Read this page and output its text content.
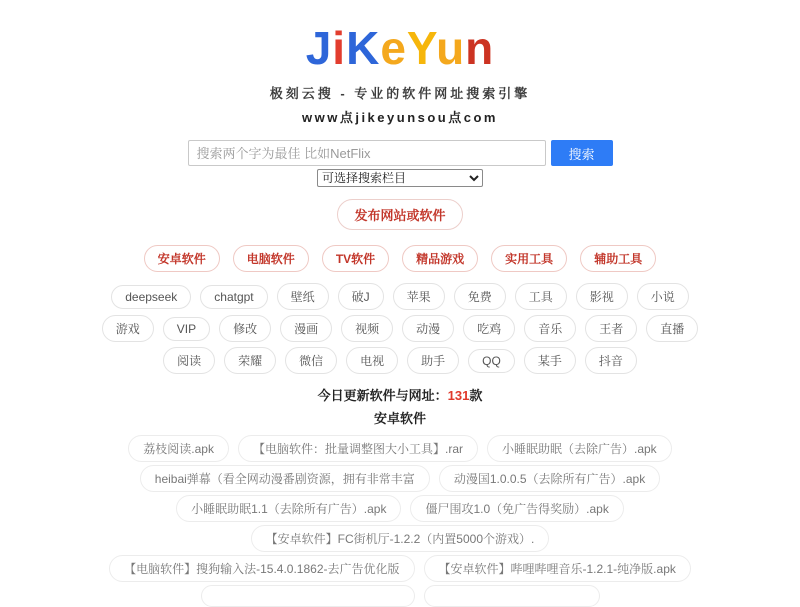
JiKeYun
极刻云搜 - 专业的软件网址搜索引擎
www点jikeyunsou点com
搜索两个字为最佳 比如NetFlix
搜索
可选择搜索栏目
发布网站或软件
安卓软件	电脑软件	TV软件	精品游戏	实用工具	辅助工具
deepseek	chatgpt	壁纸	破J	苹果	免费	工具	影视	小说
游戏	VIP	修改	漫画	视频	动漫	吃鸡	音乐	王者	直播
阅读	荣耀	微信	电视	助手	QQ	某手	抖音
今日更新软件与网址：131款
安卓软件
荔枝阅读.apk	【电脑软件：批量调整图大小工具】.rar	小睡眠助眠（去除广告）.apk
heibai弹幕（看全网动漫番剧资源，拥有非常丰富	动漫国1.0.0.5（去除所有广告）.apk
小睡眠助眠1.1（去除所有广告）.apk	僵尸围攻1.0（免广告得奖励）.apk
【安卓软件】FC街机厅-1.2.2（内置5000个游戏）.
【电脑软件】搜狗输入法-15.4.0.1862-去广告优化版	【安卓软件】哔哩哔哩音乐-1.2.1-纯净版.apk
